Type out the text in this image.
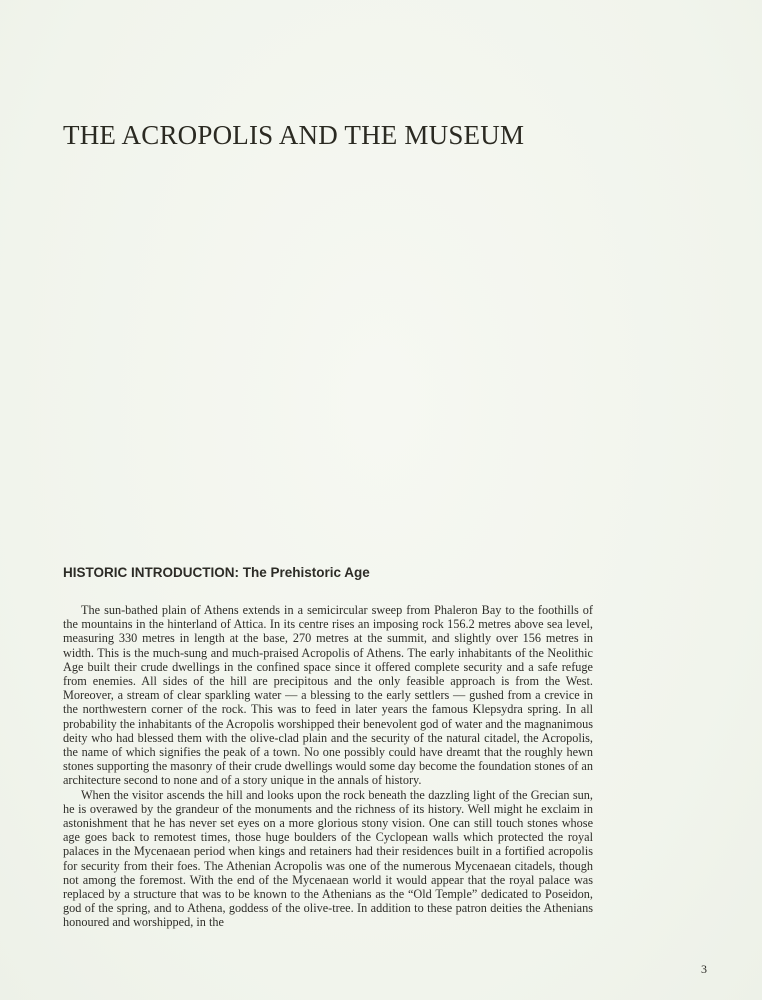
THE ACROPOLIS AND THE MUSEUM
HISTORIC INTRODUCTION: The Prehistoric Age

The sun-bathed plain of Athens extends in a semicircular sweep from Phaleron Bay to the foothills of the mountains in the hinterland of Attica. In its centre rises an imposing rock 156.2 metres above sea level, measuring 330 metres in length at the base, 270 metres at the summit, and slightly over 156 metres in width. This is the much-sung and much-praised Acropolis of Athens. The early inhabitants of the Neolithic Age built their crude dwellings in the confined space since it offered complete security and a safe refuge from enemies. All sides of the hill are precipitous and the only feasible approach is from the West. Moreover, a stream of clear sparkling water — a blessing to the early settlers — gushed from a crevice in the northwestern corner of the rock. This was to feed in later years the famous Klepsydra spring. In all probability the inhabitants of the Acropolis worshipped their benevolent god of water and the magnanimous deity who had blessed them with the olive-clad plain and the security of the natural citadel, the Acropolis, the name of which signifies the peak of a town. No one possibly could have dreamt that the roughly hewn stones supporting the masonry of their crude dwellings would some day become the foundation stones of an architecture second to none and of a story unique in the annals of history.

When the visitor ascends the hill and looks upon the rock beneath the dazzling light of the Grecian sun, he is overawed by the grandeur of the monuments and the richness of its history. Well might he exclaim in astonishment that he has never set eyes on a more glorious stony vision. One can still touch stones whose age goes back to remotest times, those huge boulders of the Cyclopean walls which protected the royal palaces in the Mycenaean period when kings and retainers had their residences built in a fortified acropolis for security from their foes. The Athenian Acropolis was one of the numerous Mycenaean citadels, though not among the foremost. With the end of the Mycenaean world it would appear that the royal palace was replaced by a structure that was to be known to the Athenians as the “Old Temple” dedicated to Poseidon, god of the spring, and to Athena, goddess of the olive-tree. In addition to these patron deities the Athenians honoured and worshipped, in the

3
